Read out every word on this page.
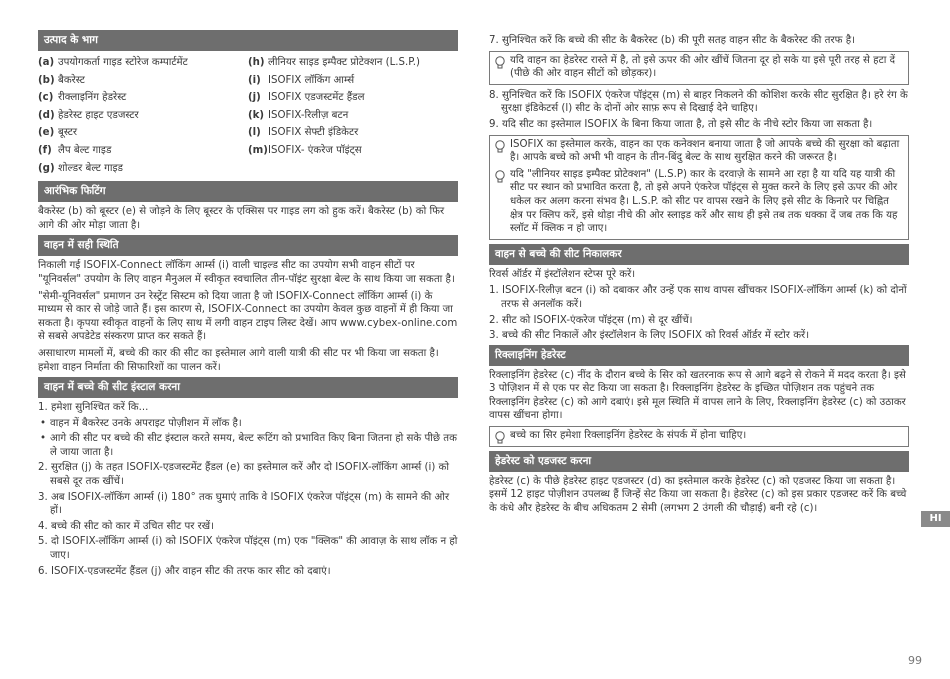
उत्पाद के भाग
(a) उपयोगकर्ता गाइड स्टोरेज कम्पार्टमेंट
(b) बैकरेस्ट
(c) रीक्लाइनिंग हेडरेस्ट
(d) हेडरेस्ट हाइट एडजस्टर
(e) बूस्टर
(f) लैप बेल्ट गाइड
(g) शोल्डर बेल्ट गाइड
(h) लीनियर साइड इम्पैक्ट प्रोटेक्शन (L.S.P.)
(i) ISOFIX लॉकिंग आर्म्स
(j) ISOFIX एडजस्टमेंट हैंडल
(k) ISOFIX-रिलीज़ बटन
(l) ISOFIX सेफ्टी इंडिकेटर
(m)ISOFIX- एंकरेज पॉइंट्स
आरंभिक फिटिंग

बैकरेस्ट (b) को बूस्टर (e) से जोड़ने के लिए बूस्टर के एक्सिस पर गाइड लग को हुक करें। बैकरेस्ट (b) को फिर आगे की ओर मोड़ा जाता है।

वाहन में सही स्थिति

निकाली गई ISOFIX-Connect लॉकिंग आर्म्स (i) वाली चाइल्ड सीट का उपयोग सभी वाहन सीटों पर "यूनिवर्सल" उपयोग के लिए वाहन मैनुअल में स्वीकृत स्वचालित तीन-पॉइंट सुरक्षा बेल्ट के साथ किया जा सकता है।

"सेमी-यूनिवर्सल" प्रमाणन उन रेस्ट्रेंट सिस्टम को दिया जाता है जो ISOFIX-Connect लॉकिंग आर्म्स (i) के माध्यम से कार से जोड़े जाते हैं। इस कारण से, ISOFIX-Connect का उपयोग केवल कुछ वाहनों में ही किया जा सकता है। कृपया स्वीकृत वाहनों के लिए साथ में लगी वाहन टाइप लिस्ट देखें। आप www.cybex-online.com से सबसे अपडेटेड संस्करण प्राप्त कर सकते हैं।

असाधारण मामलों में, बच्चे की कार की सीट का इस्तेमाल आगे वाली यात्री की सीट पर भी किया जा सकता है। हमेशा वाहन निर्माता की सिफारिशों का पालन करें।

वाहन में बच्चे की सीट इंस्टाल करना

1. हमेशा सुनिश्चित करें कि...

• वाहन में बैकरेस्ट उनके अपराइट पोज़ीशन में लॉक है।
• आगे की सीट पर बच्चे की सीट इंस्टाल करते समय, बेल्ट रूटिंग को प्रभावित किए बिना जितना हो सके पीछे तक ले जाया जाता है।

2. सुरक्षित (j) के तहत ISOFIX-एडजस्टमेंट हैंडल (e) का इस्तेमाल करें और दो ISOFIX-लॉकिंग आर्म्स (i) को सबसे दूर तक खींचें।

3. अब ISOFIX-लॉकिंग आर्म्स (i) 180° तक घुमाएं ताकि वे ISOFIX एंकरेज पॉइंट्स (m) के सामने की ओर हों।

4. बच्चे की सीट को कार में उचित सीट पर रखें।

5. दो ISOFIX-लॉकिंग आर्म्स (i) को ISOFIX एंकरेज पॉइंट्स (m) एक "क्लिक" की आवाज़ के साथ लॉक न हो जाए।

6. ISOFIX-एडजस्टमेंट हैंडल (j) और वाहन सीट की तरफ कार सीट को दबाएं।

7. सुनिश्चित करें कि बच्चे की सीट के बैकरेस्ट (b) की पूरी सतह वाहन सीट के बैकरेस्ट की तरफ है।

यदि वाहन का हेडरेस्ट रास्ते में है, तो इसे ऊपर की ओर खींचें जितना दूर हो सके या इसे पूरी तरह से हटा दें (पीछे की ओर वाहन सीटों को छोड़कर)।

8. सुनिश्चित करें कि ISOFIX एंकरेज पॉइंट्स (m) से बाहर निकलने की कोशिश करके सीट सुरक्षित है। हरे रंग के सुरक्षा इंडिकेटर्स (l) सीट के दोनों ओर साफ़ रूप से दिखाई देने चाहिए।

9. यदि सीट का इस्तेमाल ISOFIX के बिना किया जाता है, तो इसे सीट के नीचे स्टोर किया जा सकता है।

ISOFIX का इस्तेमाल करके, वाहन का एक कनेक्शन बनाया जाता है जो आपके बच्चे की सुरक्षा को बढ़ाता है। आपके बच्चे को अभी भी वाहन के तीन-बिंदु बेल्ट के साथ सुरक्षित करने की जरूरत है।
यदि "लीनियर साइड इम्पैक्ट प्रोटेक्शन" (L.S.P) कार के दरवाज़े के सामने आ रहा है या यदि यह यात्री की सीट पर स्थान को प्रभावित करता है, तो इसे अपने एंकरेज पॉइंट्स से मुक्त करने के लिए इसे ऊपर की ओर धकेल कर अलग करना संभव है। L.S.P. को सीट पर वापस रखने के लिए इसे सीट के किनारे पर चिह्नित क्षेत्र पर क्लिप करें, इसे थोड़ा नीचे की ओर स्लाइड करें और साथ ही इसे तब तक धक्का दें जब तक कि यह स्लॉट में क्लिक न हो जाए।
वाहन से बच्चे की सीट निकालकर

रिवर्स ऑर्डर में इंस्टॉलेशन स्टेप्स पूरे करें।

1. ISOFIX-रिलीज़ बटन (i) को दबाकर और उन्हें एक साथ वापस खींचकर ISOFIX-लॉकिंग आर्म्स (k) को दोनों तरफ से अनलॉक करें।

2. सीट को ISOFIX-एंकरेज पॉइंट्स (m) से दूर खींचें।

3. बच्चे की सीट निकालें और इंस्टॉलेशन के लिए ISOFIX को रिवर्स ऑर्डर में स्टोर करें।

रिक्लाइनिंग हेडरेस्ट

रिक्लाइनिंग हेडरेस्ट (c) नींद के दौरान बच्चे के सिर को खतरनाक रूप से आगे बढ़ने से रोकने में मदद करता है। इसे 3 पोज़िशन में से एक पर सेट किया जा सकता है। रिक्लाइनिंग हेडरेस्ट के इच्छित पोज़िशन तक पहुंचने तक रिक्लाइनिंग हेडरेस्ट (c) को आगे दबाएं। इसे मूल स्थिति में वापस लाने के लिए, रिक्लाइनिंग हेडरेस्ट (c) को उठाकर वापस खींचना होगा।

बच्चे का सिर हमेशा रिक्लाइनिंग हेडरेस्ट के संपर्क में होना चाहिए।
हेडरेस्ट को एडजस्ट करना

हेडरेस्ट (c) के पीछे हेडरेस्ट हाइट एडजस्टर (d) का इस्तेमाल करके हेडरेस्ट (c) को एडजस्ट किया जा सकता है। इसमें 12 हाइट पोज़ीशन उपलब्ध हैं जिन्हें सेट किया जा सकता है। हेडरेस्ट (c) को इस प्रकार एडजस्ट करें कि बच्चे के कंधे और हेडरेस्ट के बीच अधिकतम 2 सेमी (लगभग 2 उंगली की चौड़ाई) बनी रहे (c)।

HI
99
